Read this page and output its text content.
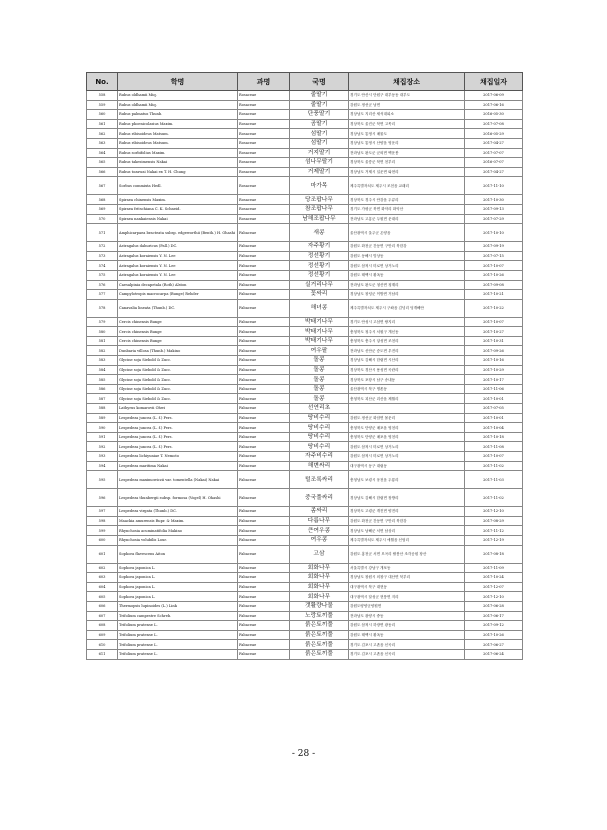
No.	학명	과명	국명	채집장소	채집일자
558	Rubus oldhamii Miq.	Rosaceae	줄딸기	경기도 안산시 단원구 대부동동 대부도	2017-06-09
559	Rubus oldhamii Miq.	Rosaceae	줄딸기	강원도 정선군 남면	2017-06-16
560	Rubus palmatus Thunb.	Rosaceae	단풍딸기	경상남도 지리산 세석대피소	2016-05-30
561	Rubus phoenicolasius Maxim.	Rosaceae	곰딸기	경상북도 울진군 북면 고목리	2017-07-08
562	Rubus ribisoideus Matsum.	Rosaceae	섬딸기	경상남도 통영시 매물도	2016-05-29
563	Rubus ribisoideus Matsum.	Rosaceae	섬딸기	경상남도 통영시 산양읍 영운리	2017-04-27
564	Rubus sorbifolius Maxim.	Rosaceae	거지딸기	전라남도 완도군 군외면 백운봉	2017-07-07
565	Rubus takesimensis Nakai	Rosaceae	섬나무딸기	경상북도 울릉군 북면 천부리	2016-07-07
566	Rubus tozawai Nakai ex T. H. Chung	Rosaceae	거제딸기	경상남도 거제시 일운면 와현리	2017-04-27
567	Sorbus commixta Hedl.	Rosaceae	마가목	제주특별자치도 제주시 조천읍 교래리	2017-11-10
568	Spiraea chinensis Maxim.	Rosaceae	당조팝나무	경상북도 경주시 안강읍 두류리	2017-10-30
569	Spiraea fritschiana C. K. Schneid.	Rosaceae	참조팝나무	경기도 가평군 북면 화악리 화악산	2017-09-13
570	Spiraea nankaiensis Nakai	Rosaceae	남해조팝나무	전라남도 고흥군 두원면 운대리	2017-07-29
571	Amphicarpaea bracteata subsp. edgeworthii (Benth.) H. Ohashi	Fabaceae	새콩	울산광역시 울주군 온양읍	2017-10-10
572	Astragalus dahuricus (Pall.) DC.	Fabaceae	자주황기	강원도 화천군 간동면 구만리 북한강	2017-09-19
573	Astragalus koraiensis Y. N. Lee	Fabaceae	정선황기	강원도 동해시 망상동	2017-07-15
574	Astragalus koraiensis Y. N. Lee	Fabaceae	정선황기	강원도 삼척시 미로면 상거노리	2017-10-07
575	Astragalus koraiensis Y. N. Lee	Fabaceae	정선황기	강원도 태백시 황옥동	2017-10-26
576	Caesalpinia decapetala (Roth) Alston	Fabaceae	실거리나무	전라남도 완도군 청산면 청계리	2017-09-08
577	Campylotropis macrocarpa (Bunge) Rehder	Fabaceae	꽃싸리	경상남도 창녕군 이방면 거남리	2017-10-21
578	Canavalia lineata (Thunb.) DC.	Fabaceae	해녀콩	제주특별자치도 제주시 구좌읍 김녕리 덩개해안	2017-10-22
579	Cercis chinensis Bunge	Fabaceae	박태기나무	경기도 안성시 고삼면 쌍지리	2017-10-07
580	Cercis chinensis Bunge	Fabaceae	박태기나무	충청북도 청주시 서원구 개신동	2017-10-27
581	Cercis chinensis Bunge	Fabaceae	박태기나무	충청북도 충주시 앙성면 조천리	2017-10-31
582	Dunbaria villosa (Thunb.) Makino	Fabaceae	여우팥	전라남도 신안군 증도면 우전리	2017-09-26
583	Glycine soja Siebold & Zucc.	Fabaceae	돌콩	경상남도 김해시 한림면 시산리	2017-10-16
584	Glycine soja Siebold & Zucc.	Fabaceae	돌콩	경상북도 경산시 용성면 곡란리	2017-10-29
585	Glycine soja Siebold & Zucc.	Fabaceae	돌콩	경상북도 포항시 남구 송내동	2017-10-17
586	Glycine soja Siebold & Zucc.	Fabaceae	돌콩	울산광역시 북구 명촌동	2017-11-06
587	Glycine soja Siebold & Zucc.	Fabaceae	돌콩	충청북도 괴산군 괴산읍 제월리	2017-10-01
588	Lathyrus komarovii Ohwi	Fabaceae	선연리초		2017-07-05
589	Lespedeza juncea (L. f.) Pers.	Fabaceae	땅비수리	강원도 정선군 화암면 몰운리	2017-10-01
590	Lespedeza juncea (L. f.) Pers.	Fabaceae	땅비수리	충청북도 단양군 매포읍 영천리	2017-10-04
591	Lespedeza juncea (L. f.) Pers.	Fabaceae	땅비수리	충청북도 단양군 매포읍 영천리	2017-10-18
592	Lespedeza juncea (L. f.) Pers.	Fabaceae	땅비수리	강원도 삼척시 미로면 상거노리	2017-11-08
593	Lespedeza lichiyuniae T. Nemoto	Fabaceae	자주비수리	강원도 삼척시 미로면 상거노리	2017-10-07
594	Lespedeza maritima Nakai	Fabaceae	해변싸리	대구광역시 동구 대림동	2017-11-02
595	Lespedeza maximowiczii var. tomentella (Nakai) Nakai	Fabaceae	털조록싸리	충청남도 보령시 웅천읍 두룡리	2017-11-03
596	Lespedeza thunbergii subsp. formosa (Vogel) H. Ohashi	Fabaceae	중국풀싸리	경상남도 김해시 한림면 장방리	2017-11-02
597	Lespedeza virgata (Thunb.) DC.	Fabaceae	좀싸리	경상북도 고령군 개진면 양전리	2017-12-10
598	Maackia amurensis Rupr. & Maxim.	Fabaceae	다릅나무	강원도 화천군 간동면 구만리 북한강	2017-08-29
599	Rhynchosia acuminatifolia Makino	Fabaceae	큰여우콩	경상남도 남해군 서면 남상리	2017-11-12
600	Rhynchosia volubilis Lour.	Fabaceae	여우콩	제주특별자치도 제주시 애월읍 신엄리	2017-12-19
601	Sophora flavescens Aiton	Fabaceae	고삼	강원도 홍천군 서면 모곡리 팔봉산 조각공원 장산	2017-08-18
602	Sophora japonica L.	Fabaceae	회화나무	서울특별시 강남구 개포동	2017-11-09
603	Sophora japonica L.	Fabaceae	회화나무	경상남도 창원시 의창구 대산면 북부리	2017-10-24
604	Sophora japonica L.	Fabaceae	회화나무	대구광역시 북구 대현동	2017-12-07
605	Sophora japonica L.	Fabaceae	회화나무	대구광역시 달성군 현풍면 지리	2017-12-10
606	Thermopsis lupinoides (L.) Link	Fabaceae	갯활량나물	강원도양양군양원면	2017-06-28
607	Trifolium campestre Schreb.	Fabaceae	노랑토끼풀	전라남도 광양시 중동	2017-06-17
608	Trifolium pratense L.	Fabaceae	붉은토끼풀	강원도 삼척시 하장면 광동리	2017-09-12
609	Trifolium pratense L.	Fabaceae	붉은토끼풀	강원도 태백시 황옥동	2017-10-26
610	Trifolium pratense L.	Fabaceae	붉은토끼풀	경기도 김포시 고촌읍 신곡리	2017-06-27
611	Trifolium pratense L.	Fabaceae	붉은토끼풀	경기도 김포시 고촌읍 신곡리	2017-06-24
- 28 -
